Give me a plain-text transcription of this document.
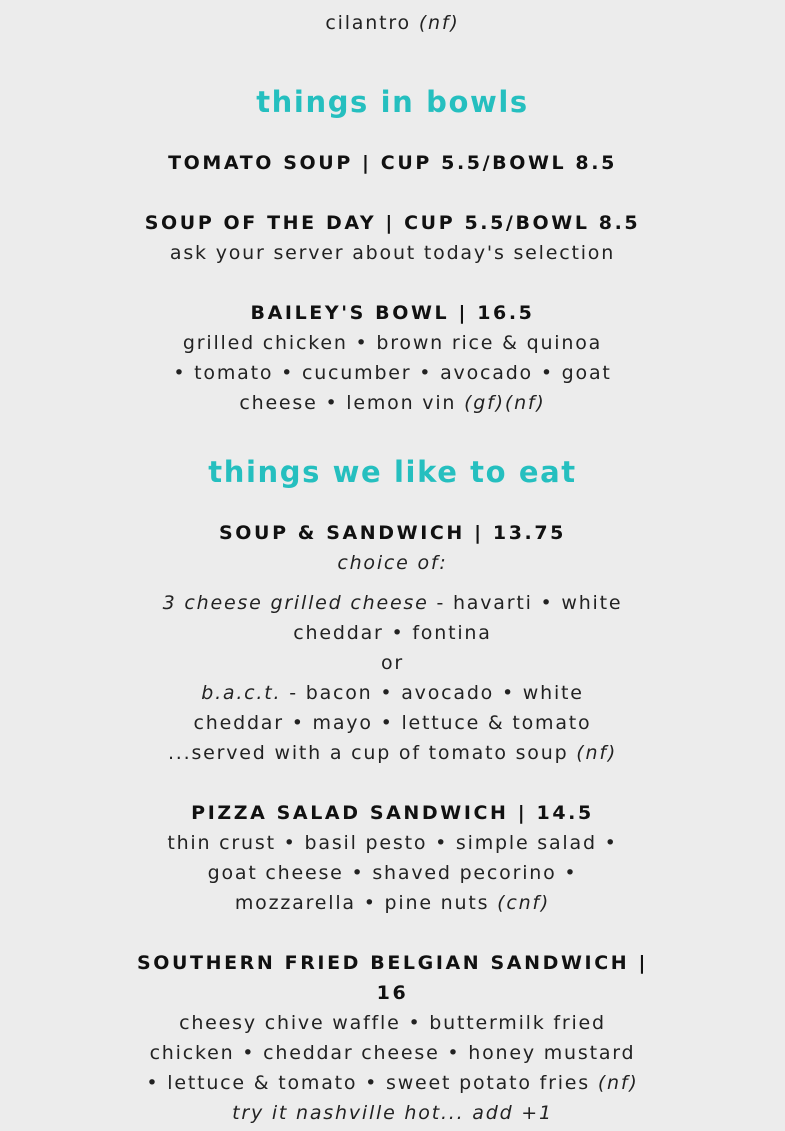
cilantro (nf)
things in bowls
TOMATO SOUP | CUP 5.5/BOWL 8.5
SOUP OF THE DAY | CUP 5.5/BOWL 8.5
ask your server about today's selection
BAILEY'S BOWL | 16.5
grilled chicken • brown rice & quinoa
• tomato • cucumber • avocado • goat
cheese • lemon vin (gf)(nf)
things we like to eat
SOUP & SANDWICH | 13.75
choice of:
3 cheese grilled cheese - havarti • white
cheddar • fontina
or
b.a.c.t. - bacon • avocado • white
cheddar • mayo • lettuce & tomato
...served with a cup of tomato soup (nf)
PIZZA SALAD SANDWICH | 14.5
thin crust • basil pesto • simple salad •
goat cheese • shaved pecorino •
mozzarella • pine nuts (cnf)
SOUTHERN FRIED BELGIAN SANDWICH |
16
cheesy chive waffle • buttermilk fried
chicken • cheddar cheese • honey mustard
• lettuce & tomato • sweet potato fries (nf)
try it nashville hot... add +1
